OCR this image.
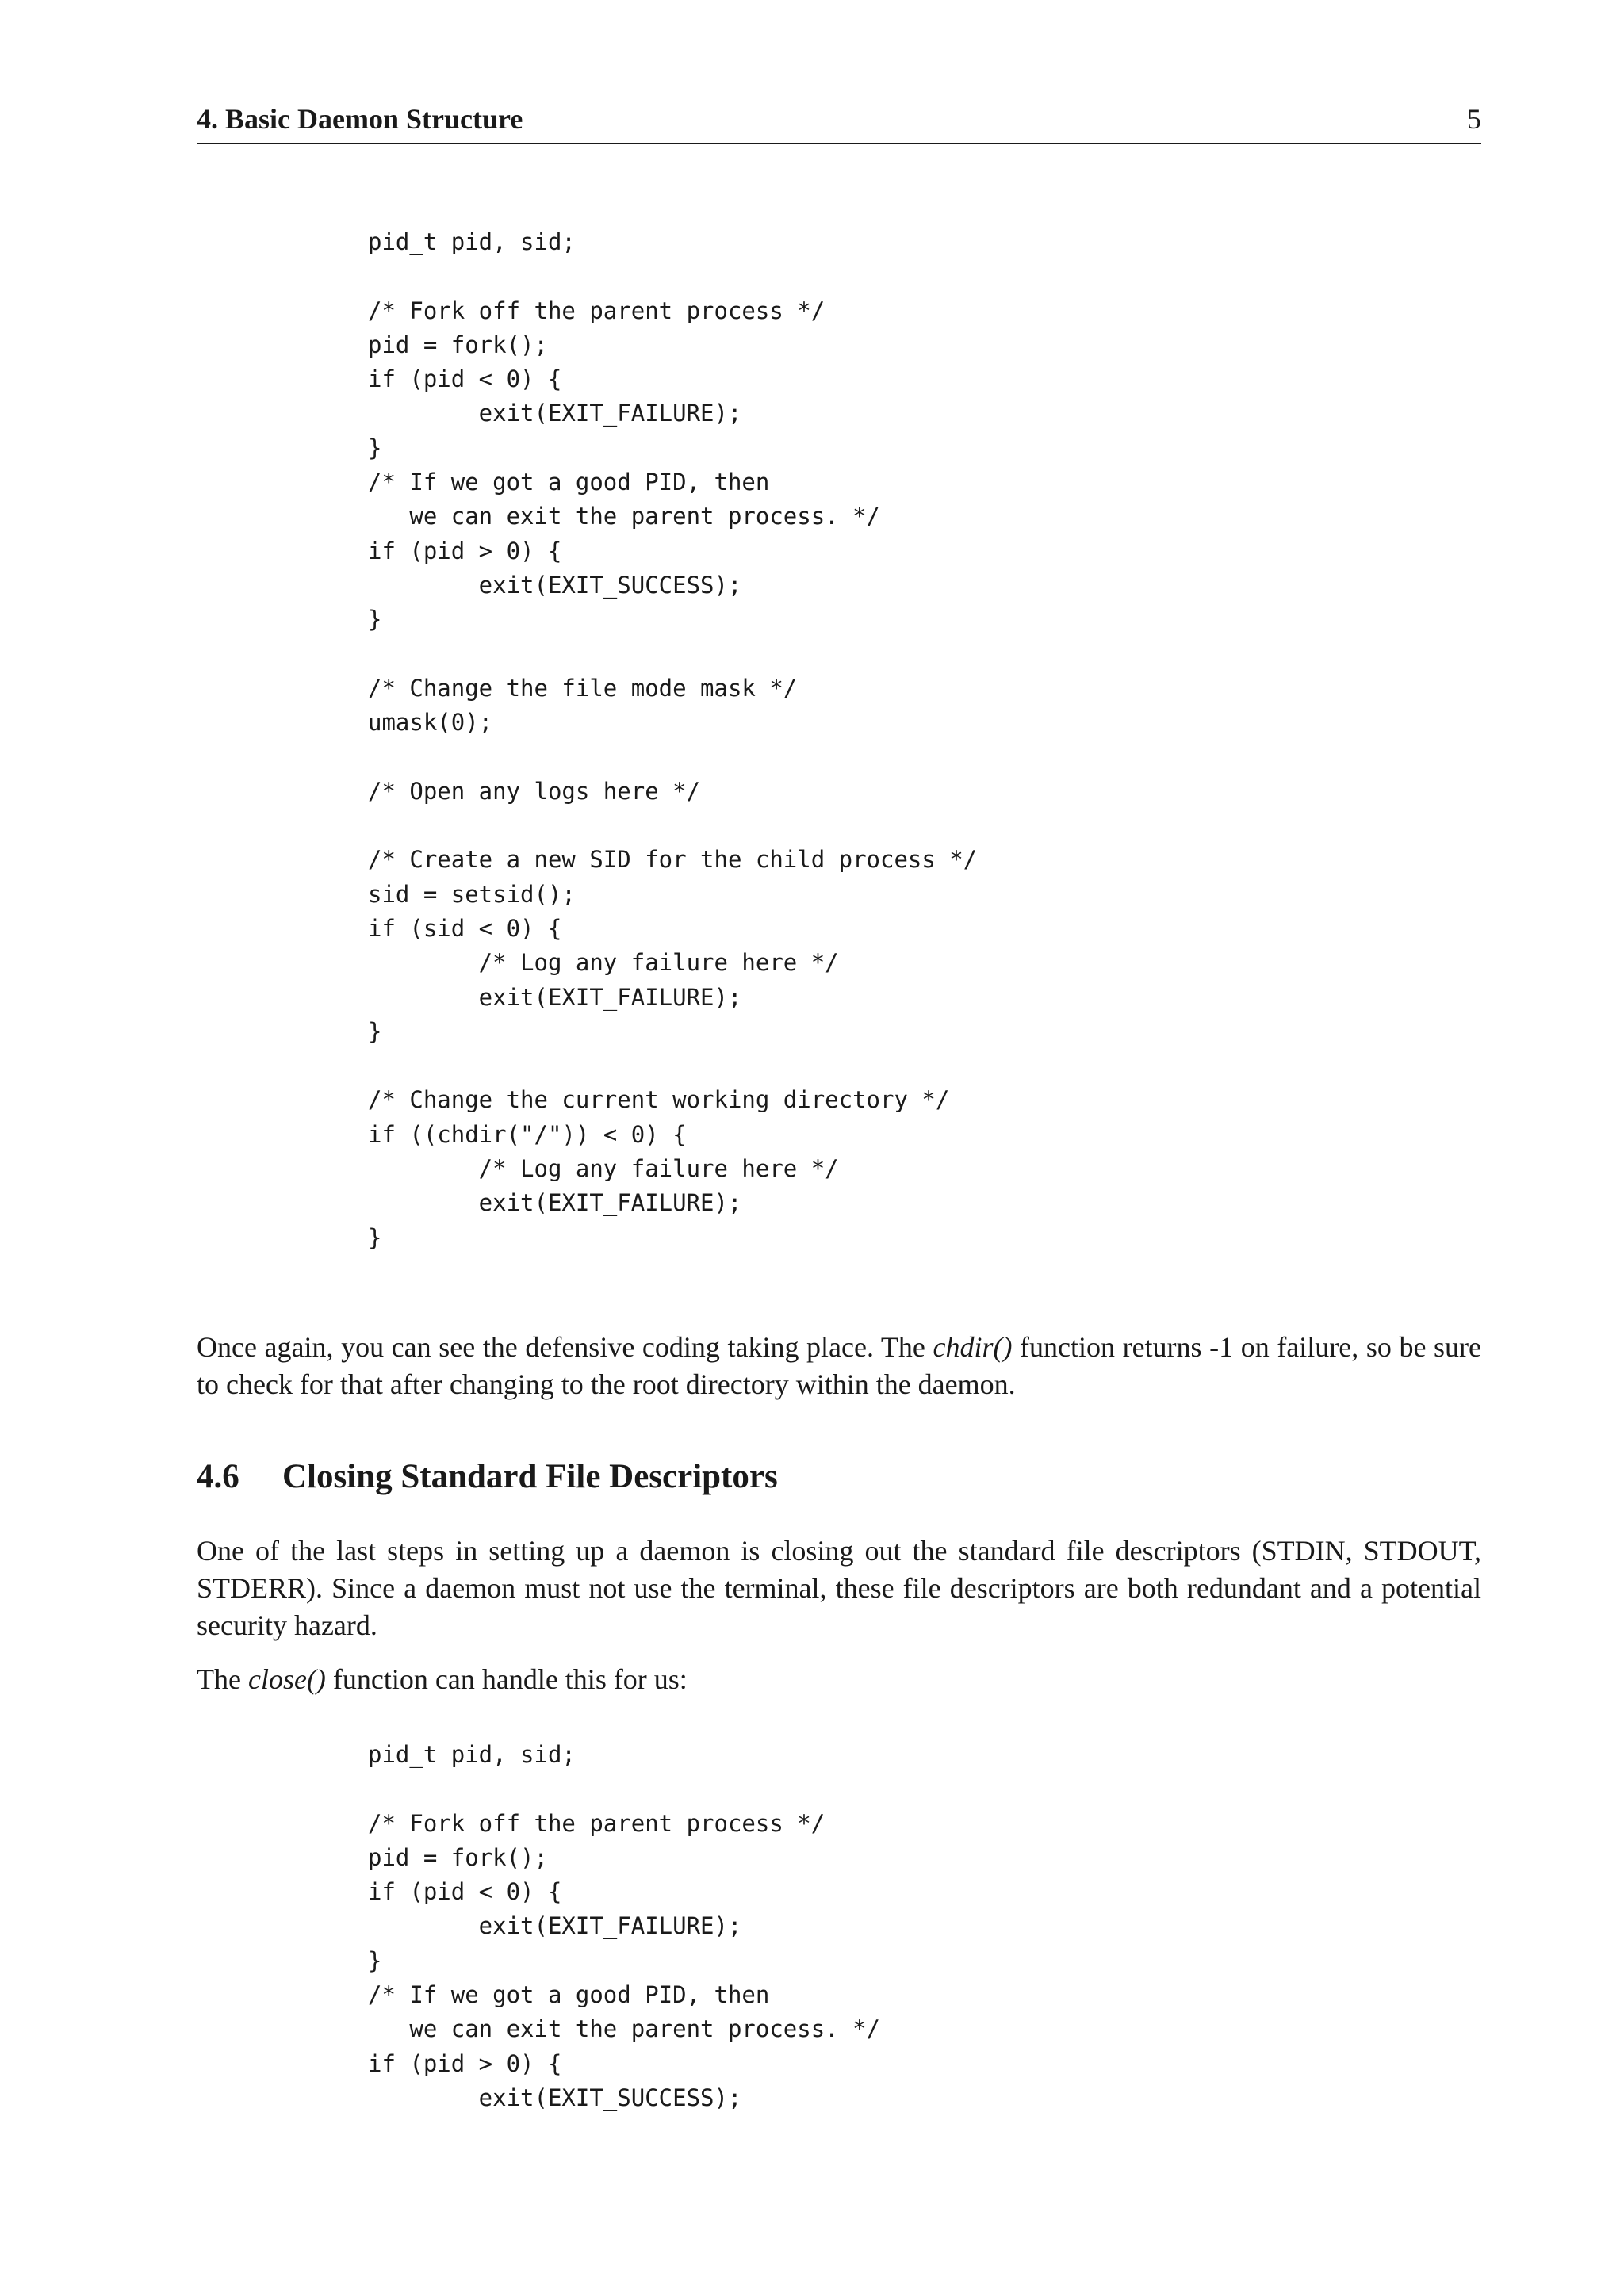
4. Basic Daemon Structure	5
pid_t pid, sid;

/* Fork off the parent process */
pid = fork();
if (pid < 0) {
exit(EXIT_FAILURE);
}
/* If we got a good PID, then
we can exit the parent process. */
if (pid > 0) {
exit(EXIT_SUCCESS);
}

/* Change the file mode mask */
umask(0);

/* Open any logs here */

/* Create a new SID for the child process */
sid = setsid();
if (sid < 0) {
/* Log any failure here */
exit(EXIT_FAILURE);
}

/* Change the current working directory */
if ((chdir("/")) < 0) {
/* Log any failure here */
exit(EXIT_FAILURE);
}

Once again, you can see the defensive coding taking place. The chdir() function returns -1 on failure, so be sure to check for that after changing to the root directory within the daemon.

4.6 Closing Standard File Descriptors

One of the last steps in setting up a daemon is closing out the standard file descriptors (STDIN, STDOUT, STDERR). Since a daemon must not use the terminal, these file descriptors are both redundant and a potential security hazard.

The close() function can handle this for us:

pid_t pid, sid;

/* Fork off the parent process */
pid = fork();
if (pid < 0) {
exit(EXIT_FAILURE);
}
/* If we got a good PID, then
we can exit the parent process. */
if (pid > 0) {
exit(EXIT_SUCCESS);
